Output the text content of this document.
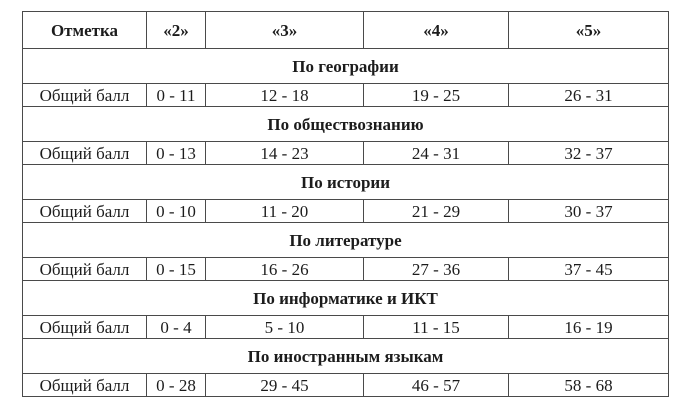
Отметка	«2»	«3»	«4»	«5»
По географии				
Общий балл	0 - 11	12 - 18	19 - 25	26 - 31
По обществознанию				
Общий балл	0 - 13	14 - 23	24 - 31	32 - 37
По истории				
Общий балл	0 - 10	11 - 20	21 - 29	30 - 37
По литературе				
Общий балл	0 - 15	16 - 26	27 - 36	37 - 45
По информатике и ИКТ				
Общий балл	0 - 4	5 - 10	11 - 15	16 - 19
По иностранным языкам				
Общий балл	0 - 28	29 - 45	46 - 57	58 - 68
